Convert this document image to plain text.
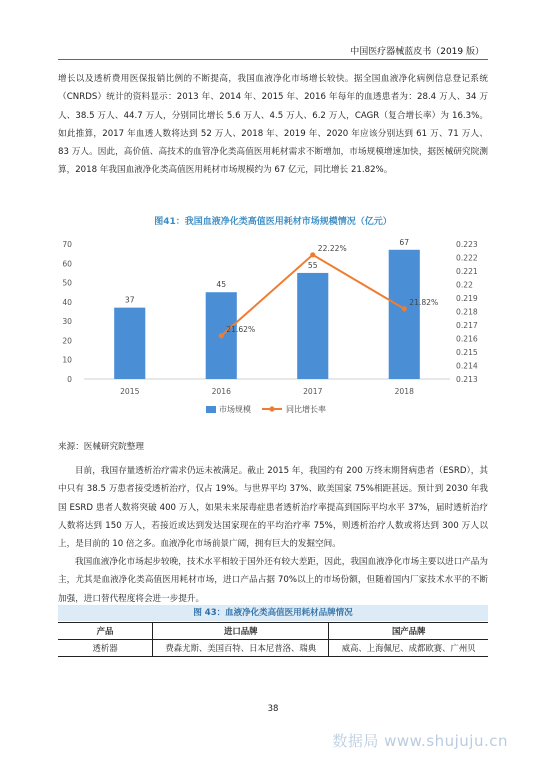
中国医疗器械蓝皮书（2019 版）

增长以及透析费用医保报销比例的不断提高，我国血液净化市场增长较快。据全国血液净化病例信息登记系统（CNRDS）统计的资料显示：2013 年、2014 年、2015 年、2016 年每年的血透患者为：28.4 万人、34 万人、38.5 万人、44.7 万人，分别同比增长 5.6 万人、4.5 万人、6.2 万人，CAGR（复合增长率）为 16.3%。如此推算，2017 年血透人数将达到 52 万人、2018 年、2019 年、2020 年应该分别达到 61 万、71 万人、83 万人。因此，高价值、高技术的血管净化类高值医用耗材需求不断增加，市场规模增速加快，据医械研究院测算，2018 年我国血液净化类高值医用耗材市场规模约为 67 亿元，同比增长 21.82%。

图41：我国血液净化类高值医用耗材市场规模情况（亿元）
0
10
20
30
40
50
60
70
0.213
0.214
0.215
0.216
0.217
0.218
0.219
0.22
0.221
0.222
0.223
2015	2016	2017	2018
37
45
55
67
21.62%
22.22%
21.82%
市场规模	同比增长率
来源：医械研究院整理

目前，我国存量透析治疗需求仍远未被满足。截止 2015 年，我国约有 200 万终末期肾病患者（ESRD），其中只有 38.5 万患者接受透析治疗，仅占 19%。与世界平均 37%、欧美国家 75%相距甚远。预计到 2030 年我国 ESRD 患者人数将突破 400 万人，如果未来尿毒症患者透析治疗率提高到国际平均水平 37%，届时透析治疗人数将达到 150 万人，若接近或达到发达国家现在的平均治疗率 75%，则透析治疗人数或将达到 300 万人以上，是目前的 10 倍之多。血液净化市场前景广阔，拥有巨大的发掘空间。

我国血液净化市场起步较晚，技术水平相较于国外还有较大差距，因此，我国血液净化市场主要以进口产品为主，尤其是血液净化类高值医用耗材市场，进口产品占据 70%以上的市场份额，但随着国内厂家技术水平的不断加强，进口替代程度将会进一步提升。

图 43：血液净化类高值医用耗材品牌情况
产品	进口品牌	国产品牌
透析器	费森尤斯、美国百特、日本尼普洛、瑞典	威高、上海佩尼、成都欧赛、广州贝
38
数据局 www.shujuju.cn
